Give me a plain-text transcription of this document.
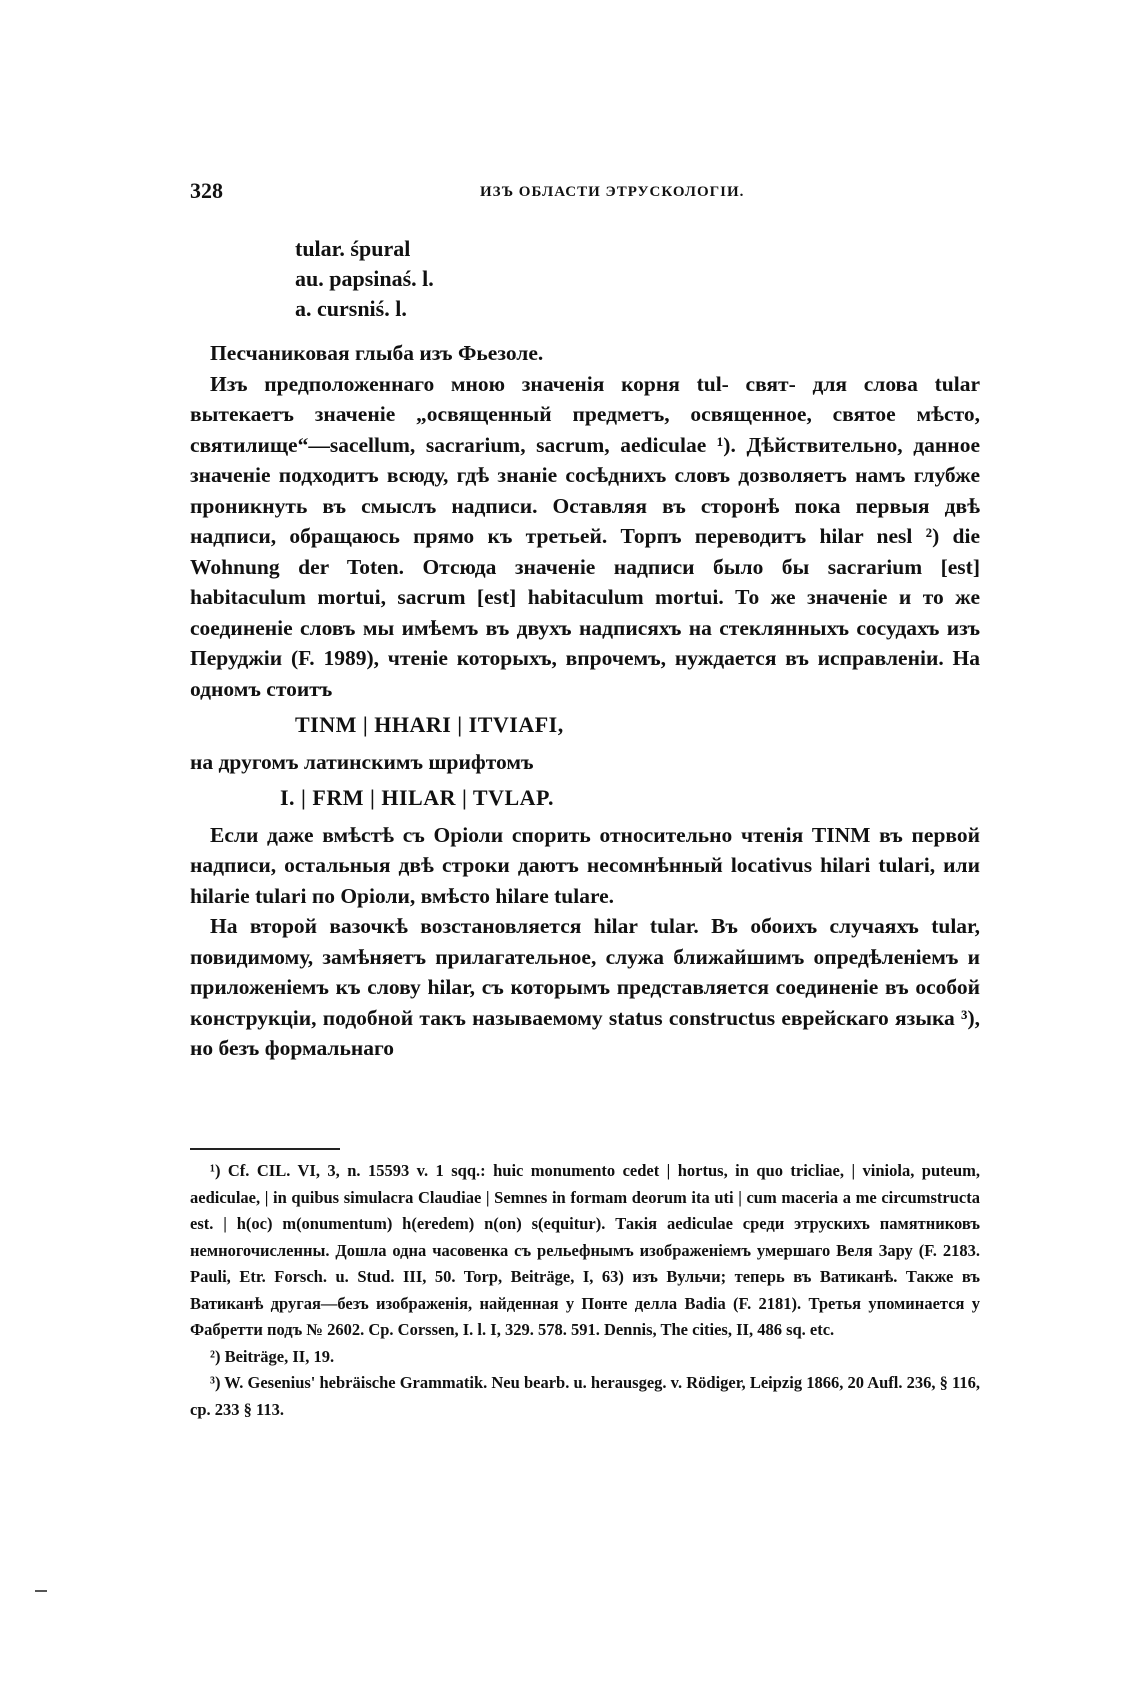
328	ИЗЪ ОБЛАСТИ ЭТРУСКОЛОГІИ.
tular. śpural
au. papsinaś. l.
a. cursniś. l.

Песчаниковая глыба изъ Фьезоле.

Изъ предположеннаго мною значенія корня tul- свят- для слова tular вытекаетъ значеніе „освященный предметъ, освященное, святое мѣсто, святилище“—sacellum, sacrarium, sacrum, aediculae ¹). Дѣйствительно, данное значеніе подходитъ всюду, гдѣ знаніе сосѣднихъ словъ дозволяетъ намъ глубже проникнуть въ смыслъ надписи. Оставляя въ сторонѣ пока первыя двѣ надписи, обращаюсь прямо къ третьей. Торпъ переводитъ hilar nesl ²) die Wohnung der Toten. Отсюда значеніе надписи было бы sacrarium [est] habitaculum mortui, sacrum [est] habitaculum mortui. То же значеніе и то же соединеніе словъ мы имѣемъ въ двухъ надписяхъ на стеклянныхъ сосудахъ изъ Перуджіи (F. 1989), чтеніе которыхъ, впрочемъ, нуждается въ исправленіи. На одномъ стоитъ

TINM | HHARI | ITVIAFI,

на другомъ латинскимъ шрифтомъ

I. | FRM | HILAR | TVLAP.

Если даже вмѣстѣ съ Оріоли спорить относительно чтенія TINM въ первой надписи, остальныя двѣ строки даютъ несомнѣнный locativus hilari tulari, или hilarie tulari по Оріоли, вмѣсто hilare tulare.

На второй вазочкѣ возстановляется hilar tular. Въ обоихъ случаяхъ tular, повидимому, замѣняетъ прилагательное, служа ближайшимъ опредѣленіемъ и приложеніемъ къ слову hilar, съ которымъ представляется соединеніе въ особой конструкціи, подобной такъ называемому status constructus еврейскаго языка ³), но безъ формальнаго

¹) Cf. CIL. VI, 3, n. 15593 v. 1 sqq.: huic monumento cedet | hortus, in quo tricliae, | viniola, puteum, aediculae, | in quibus simulacra Claudiae | Semnes in formam deorum ita uti | cum maceria a me circumstructa est. | h(oc) m(onumentum) h(eredem) n(on) s(equitur). Такія aediculae среди этрускихъ памятниковъ немногочисленны. Дошла одна часовенка съ рельефнымъ изображеніемъ умершаго Веля Зару (F. 2183. Pauli, Etr. Forsch. u. Stud. III, 50. Torp, Beiträge, I, 63) изъ Вульчи; теперь въ Ватиканѣ. Также въ Ватиканѣ другая—безъ изображенія, найденная у Понте делла Badia (F. 2181). Третья упоминается у Фабретти подъ № 2602. Ср. Corssen, I. l. I, 329. 578. 591. Dennis, The cities, II, 486 sq. etc.

²) Beiträge, II, 19.

³) W. Gesenius' hebräische Grammatik. Neu bearb. u. herausgeg. v. Rödiger, Leipzig 1866, 20 Aufl. 236, § 116, cp. 233 § 113.
